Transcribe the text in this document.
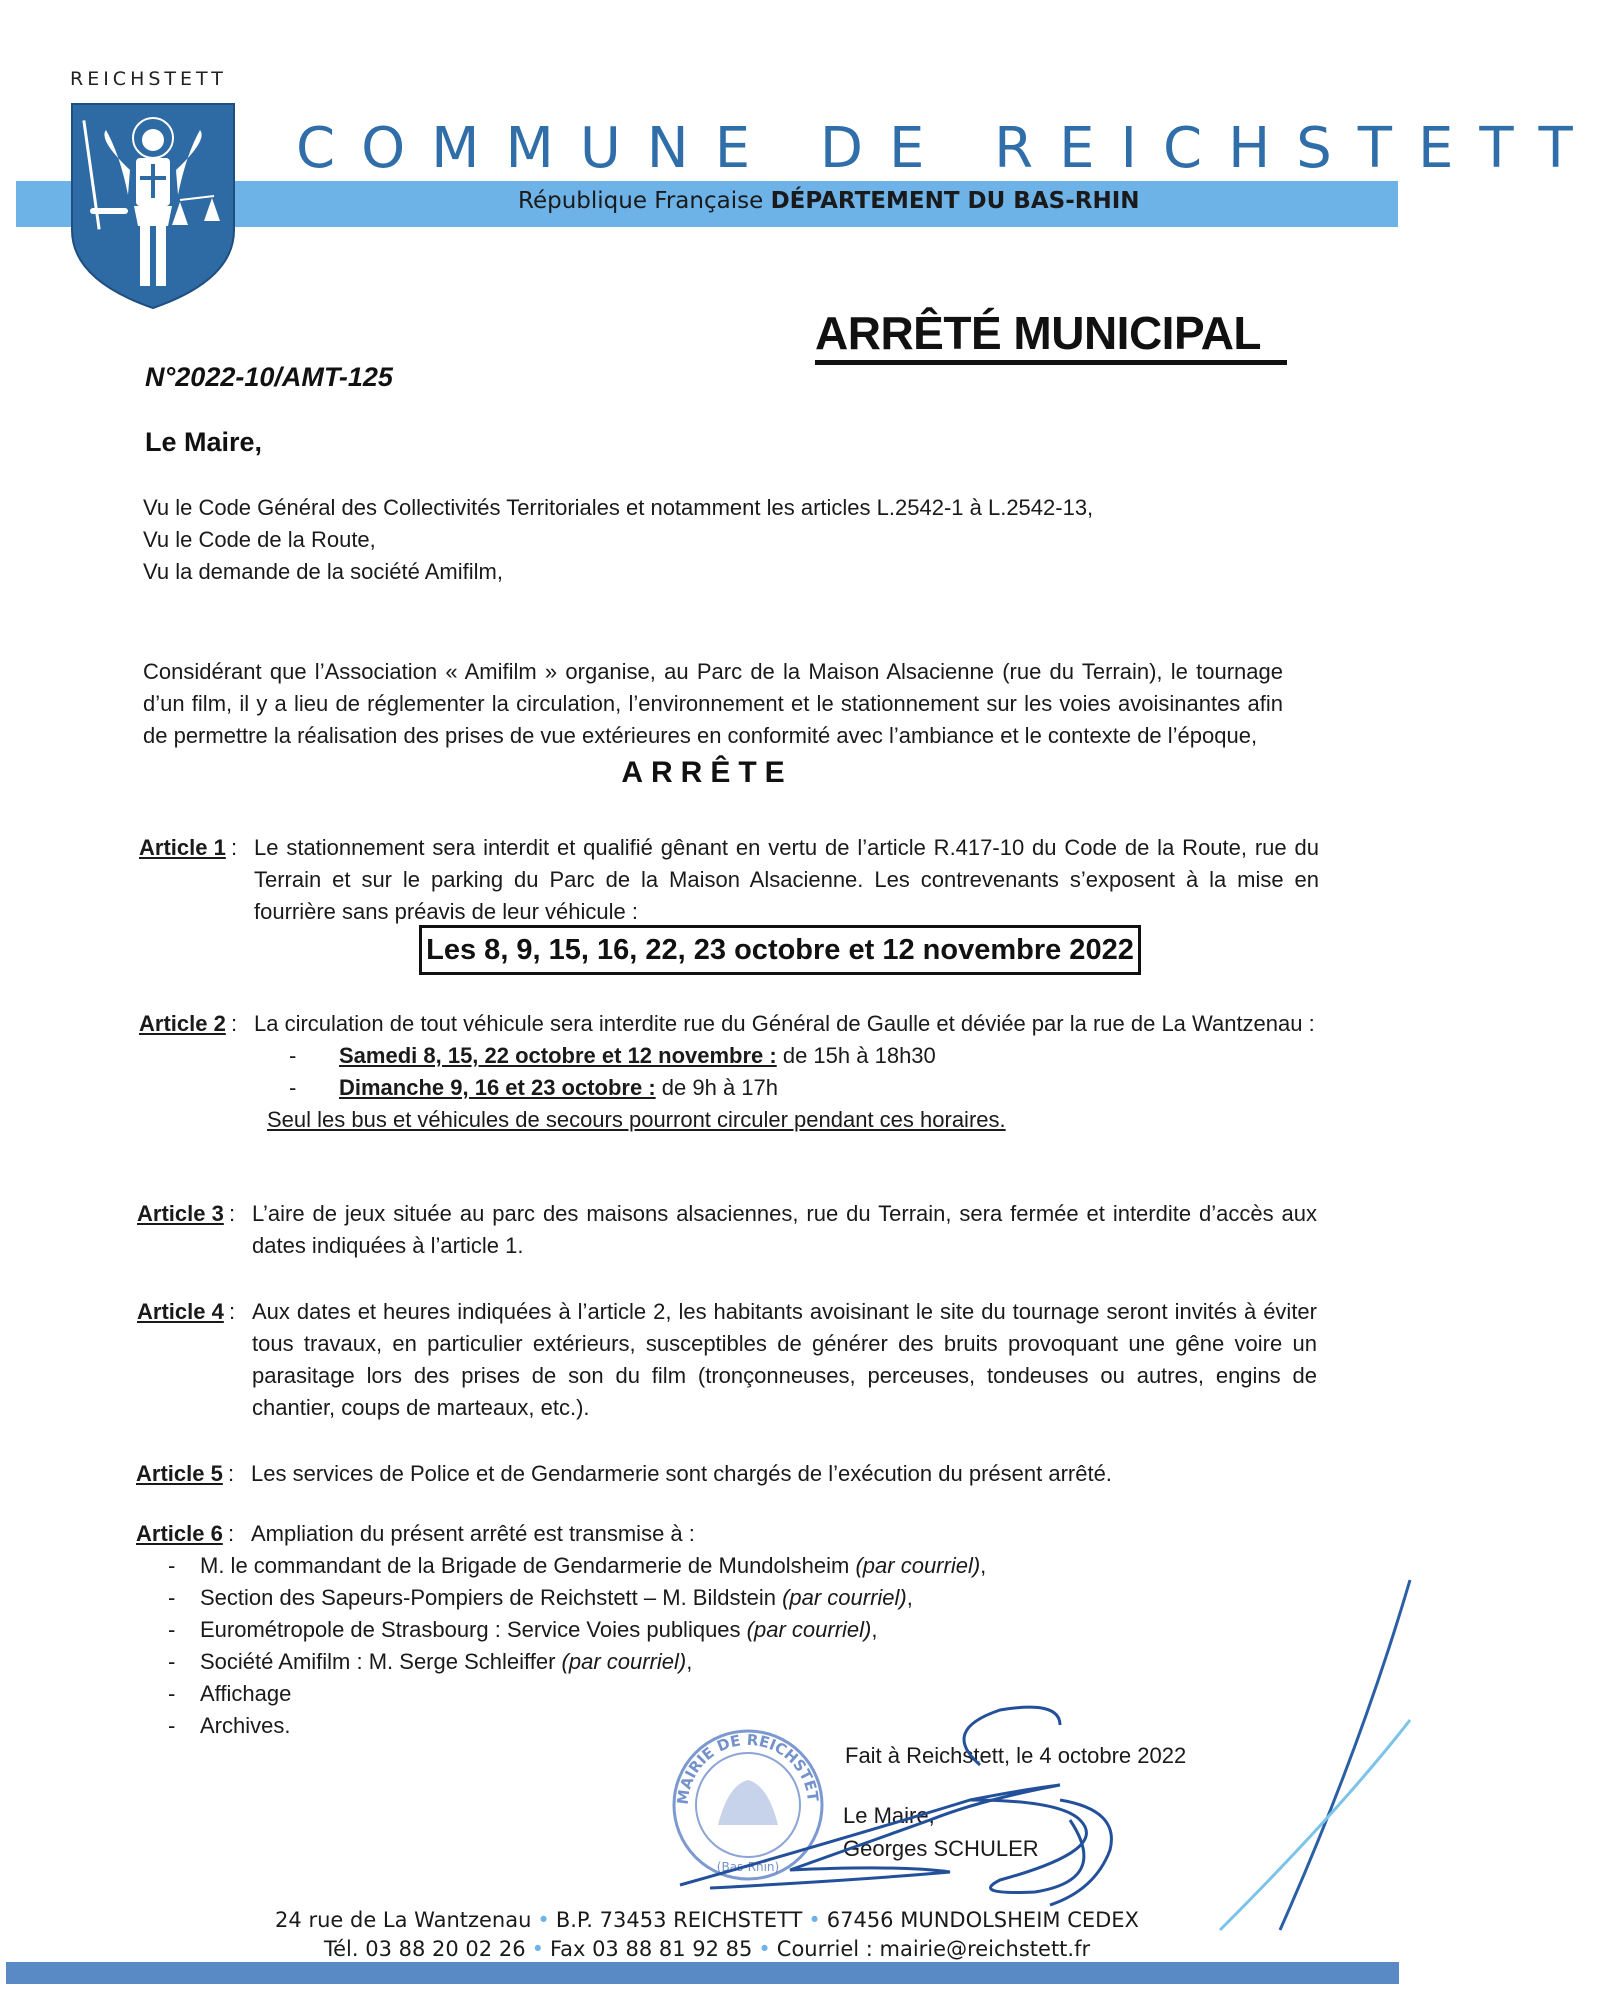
REICHSTETT
COMMUNE DE REICHSTETT
République Française DÉPARTEMENT DU BAS-RHIN
ARRÊTÉ MUNICIPAL
N°2022-10/AMT-125
Le Maire,
Vu le Code Général des Collectivités Territoriales et notamment les articles L.2542-1 à L.2542-13,
Vu le Code de la Route,
Vu la demande de la société Amifilm,
Considérant que l’Association « Amifilm » organise, au Parc de la Maison Alsacienne (rue du Terrain), le tournage d’un film, il y a lieu de réglementer la circulation, l’environnement et le stationnement sur les voies avoisinantes afin de permettre la réalisation des prises de vue extérieures en conformité avec l’ambiance et le contexte de l’époque,
ARRÊTE
Article 1 : Le stationnement sera interdit et qualifié gênant en vertu de l’article R.417-10 du Code de la Route, rue du Terrain et sur le parking du Parc de la Maison Alsacienne. Les contrevenants s’exposent à la mise en fourrière sans préavis de leur véhicule :
Les 8, 9, 15, 16, 22, 23 octobre et 12 novembre 2022
Article 2 : La circulation de tout véhicule sera interdite rue du Général de Gaulle et déviée par la rue de La Wantzenau :
- Samedi 8, 15, 22 octobre et 12 novembre : de 15h à 18h30
- Dimanche 9, 16 et 23 octobre : de 9h à 17h
Seul les bus et véhicules de secours pourront circuler pendant ces horaires.
Article 3 : L’aire de jeux située au parc des maisons alsaciennes, rue du Terrain, sera fermée et interdite d’accès aux dates indiquées à l’article 1.
Article 4 : Aux dates et heures indiquées à l’article 2, les habitants avoisinant le site du tournage seront invités à éviter tous travaux, en particulier extérieurs, susceptibles de générer des bruits provoquant une gêne voire un parasitage lors des prises de son du film (tronçonneuses, perceuses, tondeuses ou autres, engins de chantier, coups de marteaux, etc.).
Article 5 : Les services de Police et de Gendarmerie sont chargés de l’exécution du présent arrêté.
Article 6 : Ampliation du présent arrêté est transmise à :
- M. le commandant de la Brigade de Gendarmerie de Mundolsheim (par courriel),
- Section des Sapeurs-Pompiers de Reichstett – M. Bildstein (par courriel),
- Eurométropole de Strasbourg : Service Voies publiques (par courriel),
- Société Amifilm : M. Serge Schleiffer (par courriel),
- Affichage
- Archives.
MAIRIE DE REICHSTET
(Bas-Rhin)
Fait à Reichstett, le 4 octobre 2022
Le Maire,
Georges SCHULER
24 rue de La Wantzenau • B.P. 73453 REICHSTETT • 67456 MUNDOLSHEIM CEDEX
Tél. 03 88 20 02 26 • Fax 03 88 81 92 85 • Courriel : mairie@reichstett.fr
